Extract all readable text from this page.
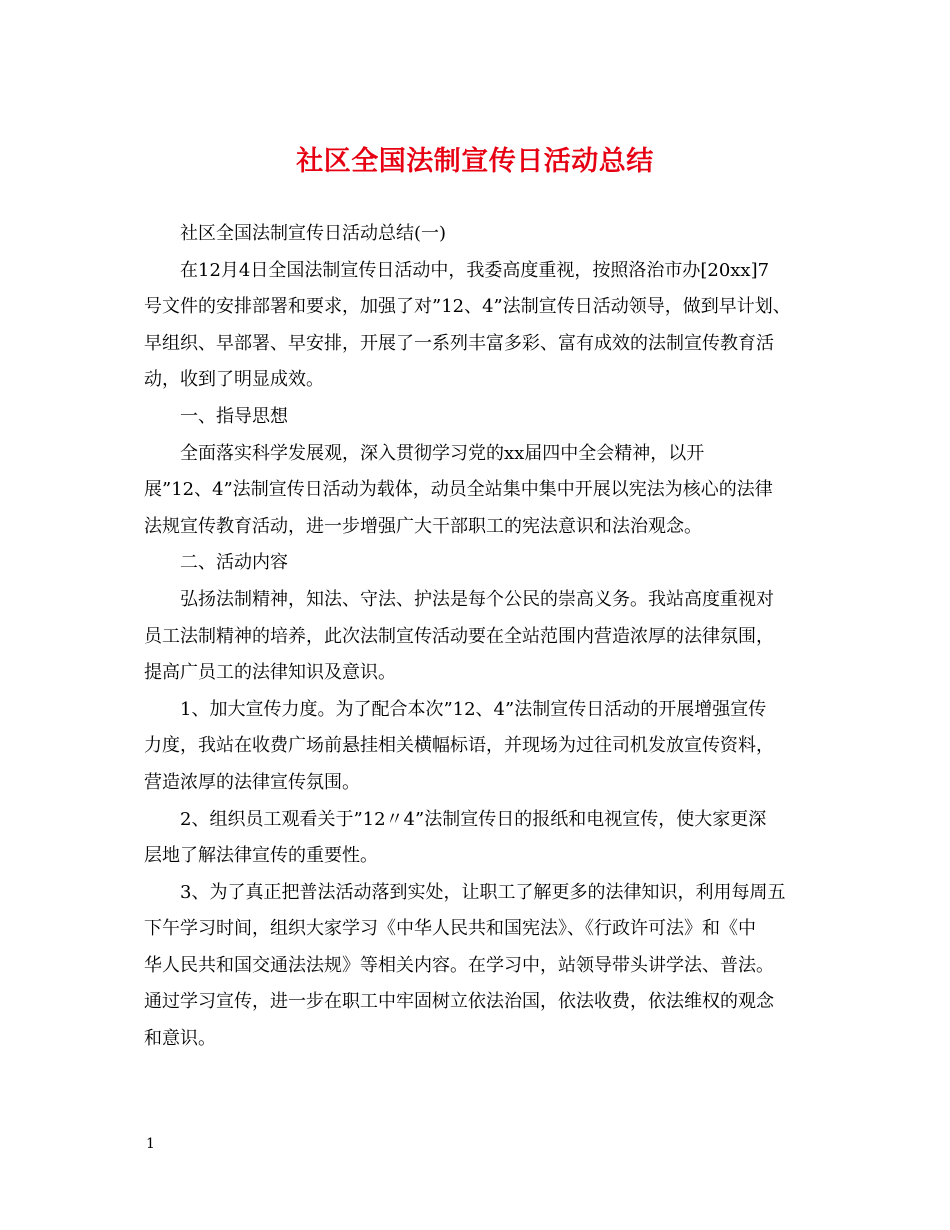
社区全国法制宣传日活动总结
社区全国法制宣传日活动总结(一)
在12月4日全国法制宣传日活动中，我委高度重视，按照洛治市办[20xx]7
号文件的安排部署和要求，加强了对”12、4”法制宣传日活动领导，做到早计划、
早组织、早部署、早安排，开展了一系列丰富多彩、富有成效的法制宣传教育活
动，收到了明显成效。
一、指导思想
全面落实科学发展观，深入贯彻学习党的xx届四中全会精神，以开
展”12、4”法制宣传日活动为载体，动员全站集中集中开展以宪法为核心的法律
法规宣传教育活动，进一步增强广大干部职工的宪法意识和法治观念。
二、活动内容
弘扬法制精神，知法、守法、护法是每个公民的崇高义务。我站高度重视对
员工法制精神的培养，此次法制宣传活动要在全站范围内营造浓厚的法律氛围，
提高广员工的法律知识及意识。
1、加大宣传力度。为了配合本次”12、4”法制宣传日活动的开展增强宣传
力度，我站在收费广场前悬挂相关横幅标语，并现场为过往司机发放宣传资料，
营造浓厚的法律宣传氛围。
2、组织员工观看关于”12〃4”法制宣传日的报纸和电视宣传，使大家更深
层地了解法律宣传的重要性。
3、为了真正把普法活动落到实处，让职工了解更多的法律知识，利用每周五
下午学习时间，组织大家学习《中华人民共和国宪法》、《行政许可法》和《中
华人民共和国交通法法规》等相关内容。在学习中，站领导带头讲学法、普法。
通过学习宣传，进一步在职工中牢固树立依法治国，依法收费，依法维权的观念
和意识。
1
